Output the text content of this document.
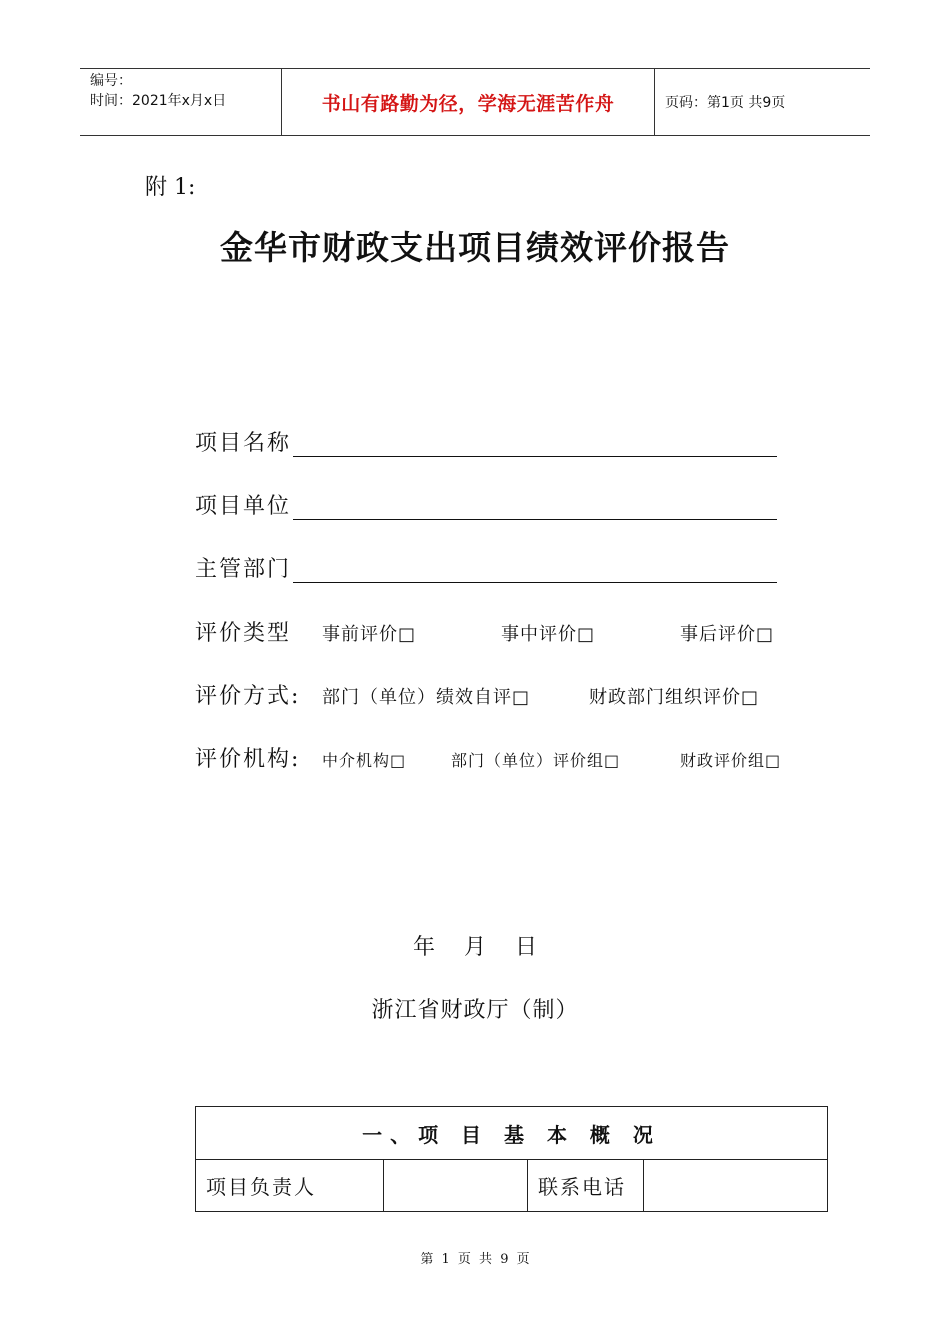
编号：
时间：2021年x月x日	书山有路勤为径，学海无涯苦作舟	页码：第1页 共9页
附 1:
金华市财政支出项目绩效评价报告
项目名称
项目单位
主管部门
评价类型 事前评价□	事中评价□	事后评价□
评价方式: 部门（单位）绩效自评□	财政部门组织评价□
评价机构: 中介机构□	部门（单位）评价组□	财政评价组□
年 月 日
浙江省财政厅（制）
一、项 目 基 本 概 况
项目负责人		联系电话	
第 1 页 共 9 页
